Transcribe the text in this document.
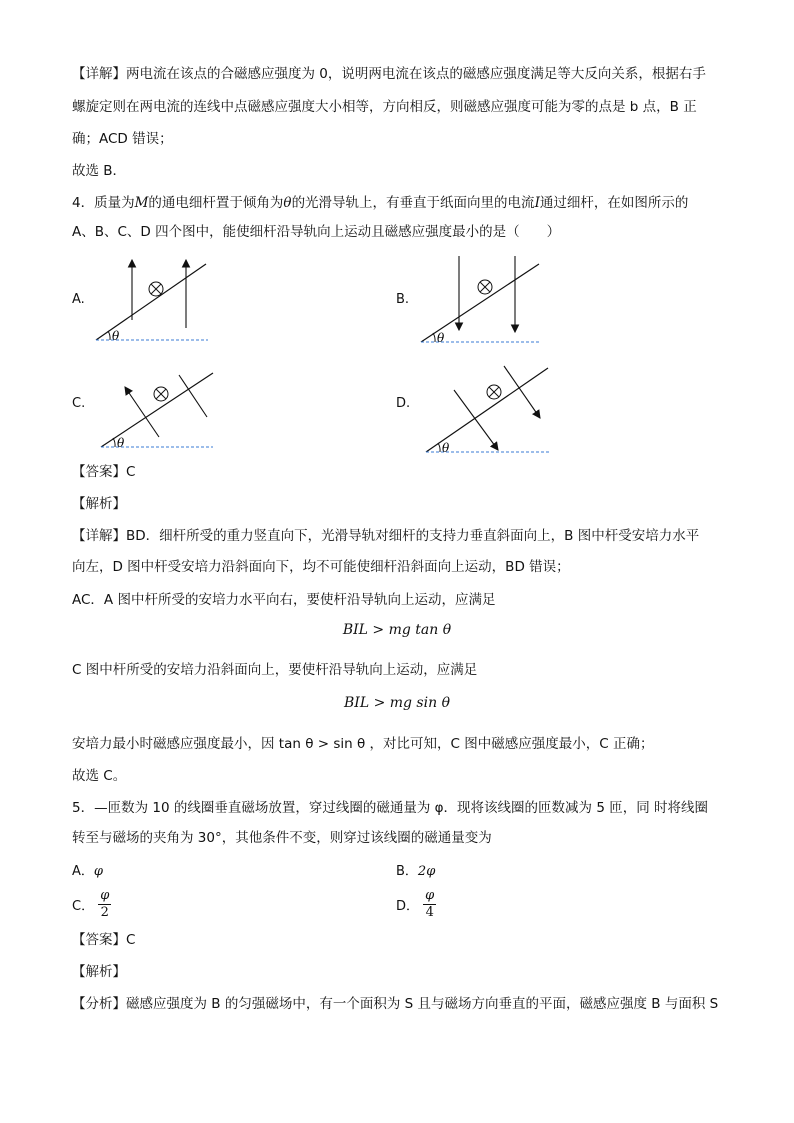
【详解】两电流在该点的合磁感应强度为 0，说明两电流在该点的磁感应强度满足等大反向关系，根据右手
螺旋定则在两电流的连线中点磁感应强度大小相等，方向相反，则磁感应强度可能为零的点是 b 点，B 正
确；ACD 错误；
故选 B．
4．质量为M的通电细杆置于倾角为θ的光滑导轨上，有垂直于纸面向里的电流I通过细杆，在如图所示的
A、B、C、D 四个图中，能使细杆沿导轨向上运动且磁感应强度最小的是（　　）
A.	B.
C.	D.
θ	θ
θ	θ
【答案】C
【解析】
【详解】BD．细杆所受的重力竖直向下，光滑导轨对细杆的支持力垂直斜面向上，B 图中杆受安培力水平
向左，D 图中杆受安培力沿斜面向下，均不可能使细杆沿斜面向上运动，BD 错误；
AC．A 图中杆所受的安培力水平向右，要使杆沿导轨向上运动，应满足
BIL > mg tan θ
C 图中杆所受的安培力沿斜面向上，要使杆沿导轨向上运动，应满足
BIL > mg sin θ
安培力最小时磁感应强度最小，因 tan θ > sin θ ，对比可知，C 图中磁感应强度最小，C 正确；
故选 C。
5．—匝数为 10 的线圈垂直磁场放置，穿过线圈的磁通量为 φ．现将该线圈的匝数减为 5 匝，同 时将线圈
转至与磁场的夹角为 30°，其他条件不变，则穿过该线圈的磁通量变为
A．φ	B．2φ
C． $\frac{\varphi}{2}$	D． $\frac{\varphi}{4}$
【答案】C
【解析】
【分析】磁感应强度为 B 的匀强磁场中，有一个面积为 S 且与磁场方向垂直的平面，磁感应强度 B 与面积 S
